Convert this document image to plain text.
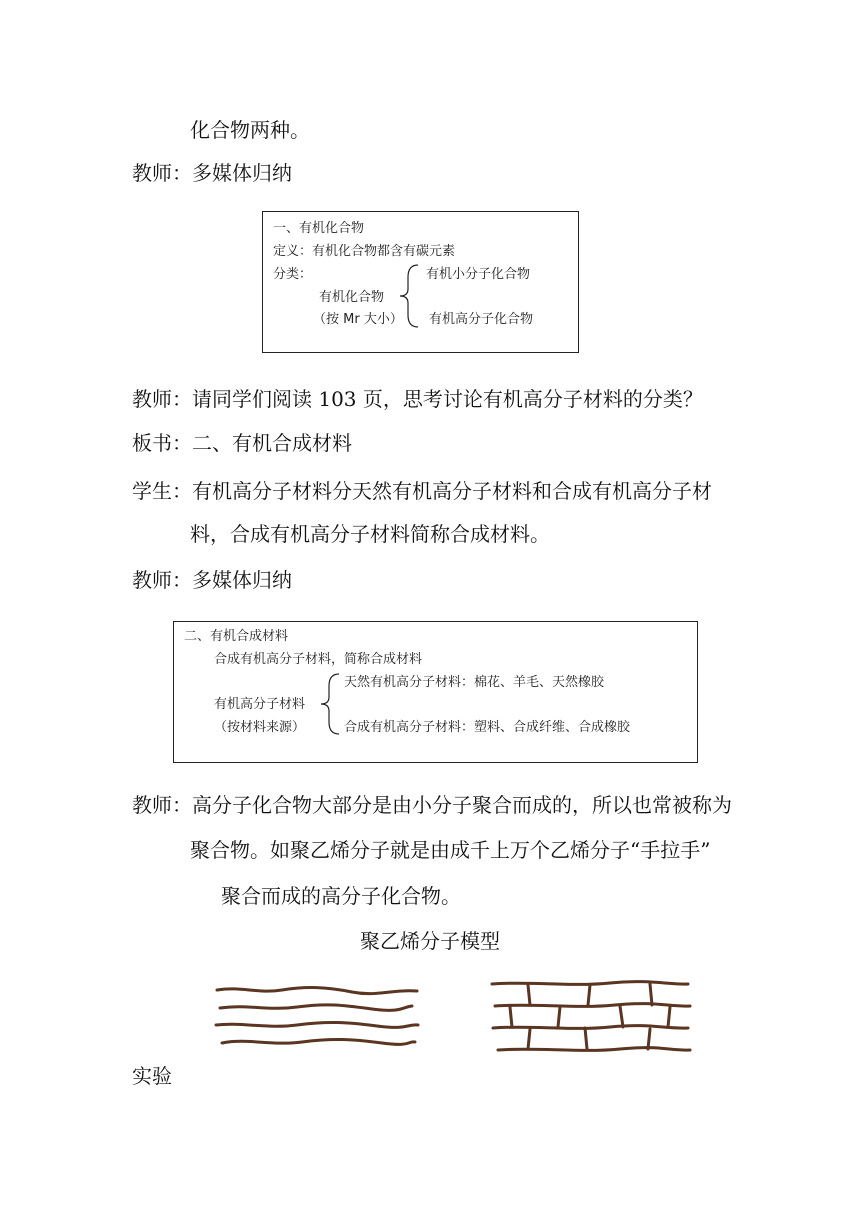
化合物两种。
教师：多媒体归纳
一、有机化合物
定义：有机化合物都含有碳元素
分类：
有机化合物
（按 Mr 大小）
有机小分子化合物
有机高分子化合物
教师：请同学们阅读 103 页，思考讨论有机高分子材料的分类？
板书：二、有机合成材料
学生：有机高分子材料分天然有机高分子材料和合成有机高分子材
料，合成有机高分子材料简称合成材料。
教师：多媒体归纳
二、有机合成材料
合成有机高分子材料，简称合成材料
有机高分子材料
（按材料来源）
天然有机高分子材料：棉花、羊毛、天然橡胶
合成有机高分子材料：塑料、合成纤维、合成橡胶
教师：高分子化合物大部分是由小分子聚合而成的，所以也常被称为
聚合物。如聚乙烯分子就是由成千上万个乙烯分子“手拉手”
聚合而成的高分子化合物。
聚乙烯分子模型
实验
